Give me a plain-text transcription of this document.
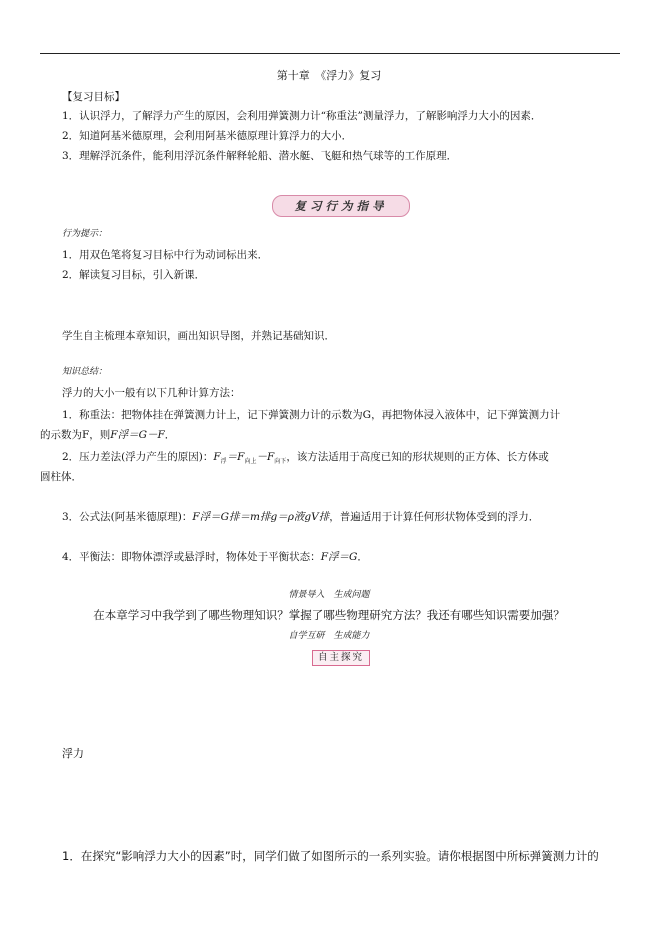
第十章　《浮力》复习
【复习目标】
1．认识浮力，了解浮力产生的原因，会利用弹簧测力计“称重法”测量浮力，了解影响浮力大小的因素．
2．知道阿基米德原理，会利用阿基米德原理计算浮力的大小．
3．理解浮沉条件，能利用浮沉条件解释轮船、潜水艇、飞艇和热气球等的工作原理．
复习行为指导
行为提示：
1．用双色笔将复习目标中行为动词标出来．
2．解读复习目标，引入新课．
学生自主梳理本章知识，画出知识导图，并熟记基础知识．
知识总结：
浮力的大小一般有以下几种计算方法：
1．称重法：把物体挂在弹簧测力计上，记下弹簧测力计的示数为G，再把物体浸入液体中，记下弹簧测力计
的示数为F，则F浮＝G－F．
2．压力差法(浮力产生的原因)：$F_浮=F_{向上}-F_{向下}$，该方法适用于高度已知的形状规则的正方体、长方体或
圆柱体．
3．公式法(阿基米德原理)：F浮＝G排＝m排g＝ρ液gV排，普遍适用于计算任何形状物体受到的浮力．
4．平衡法：即物体漂浮或悬浮时，物体处于平衡状态：F浮＝G．
情景导入　生成问题
在本章学习中我学到了哪些物理知识？掌握了哪些物理研究方法？我还有哪些知识需要加强？
自学互研　生成能力
自主探究
浮力
1．在探究“影响浮力大小的因素”时，同学们做了如图所示的一系列实验。请你根据图中所标弹簧测力计的
